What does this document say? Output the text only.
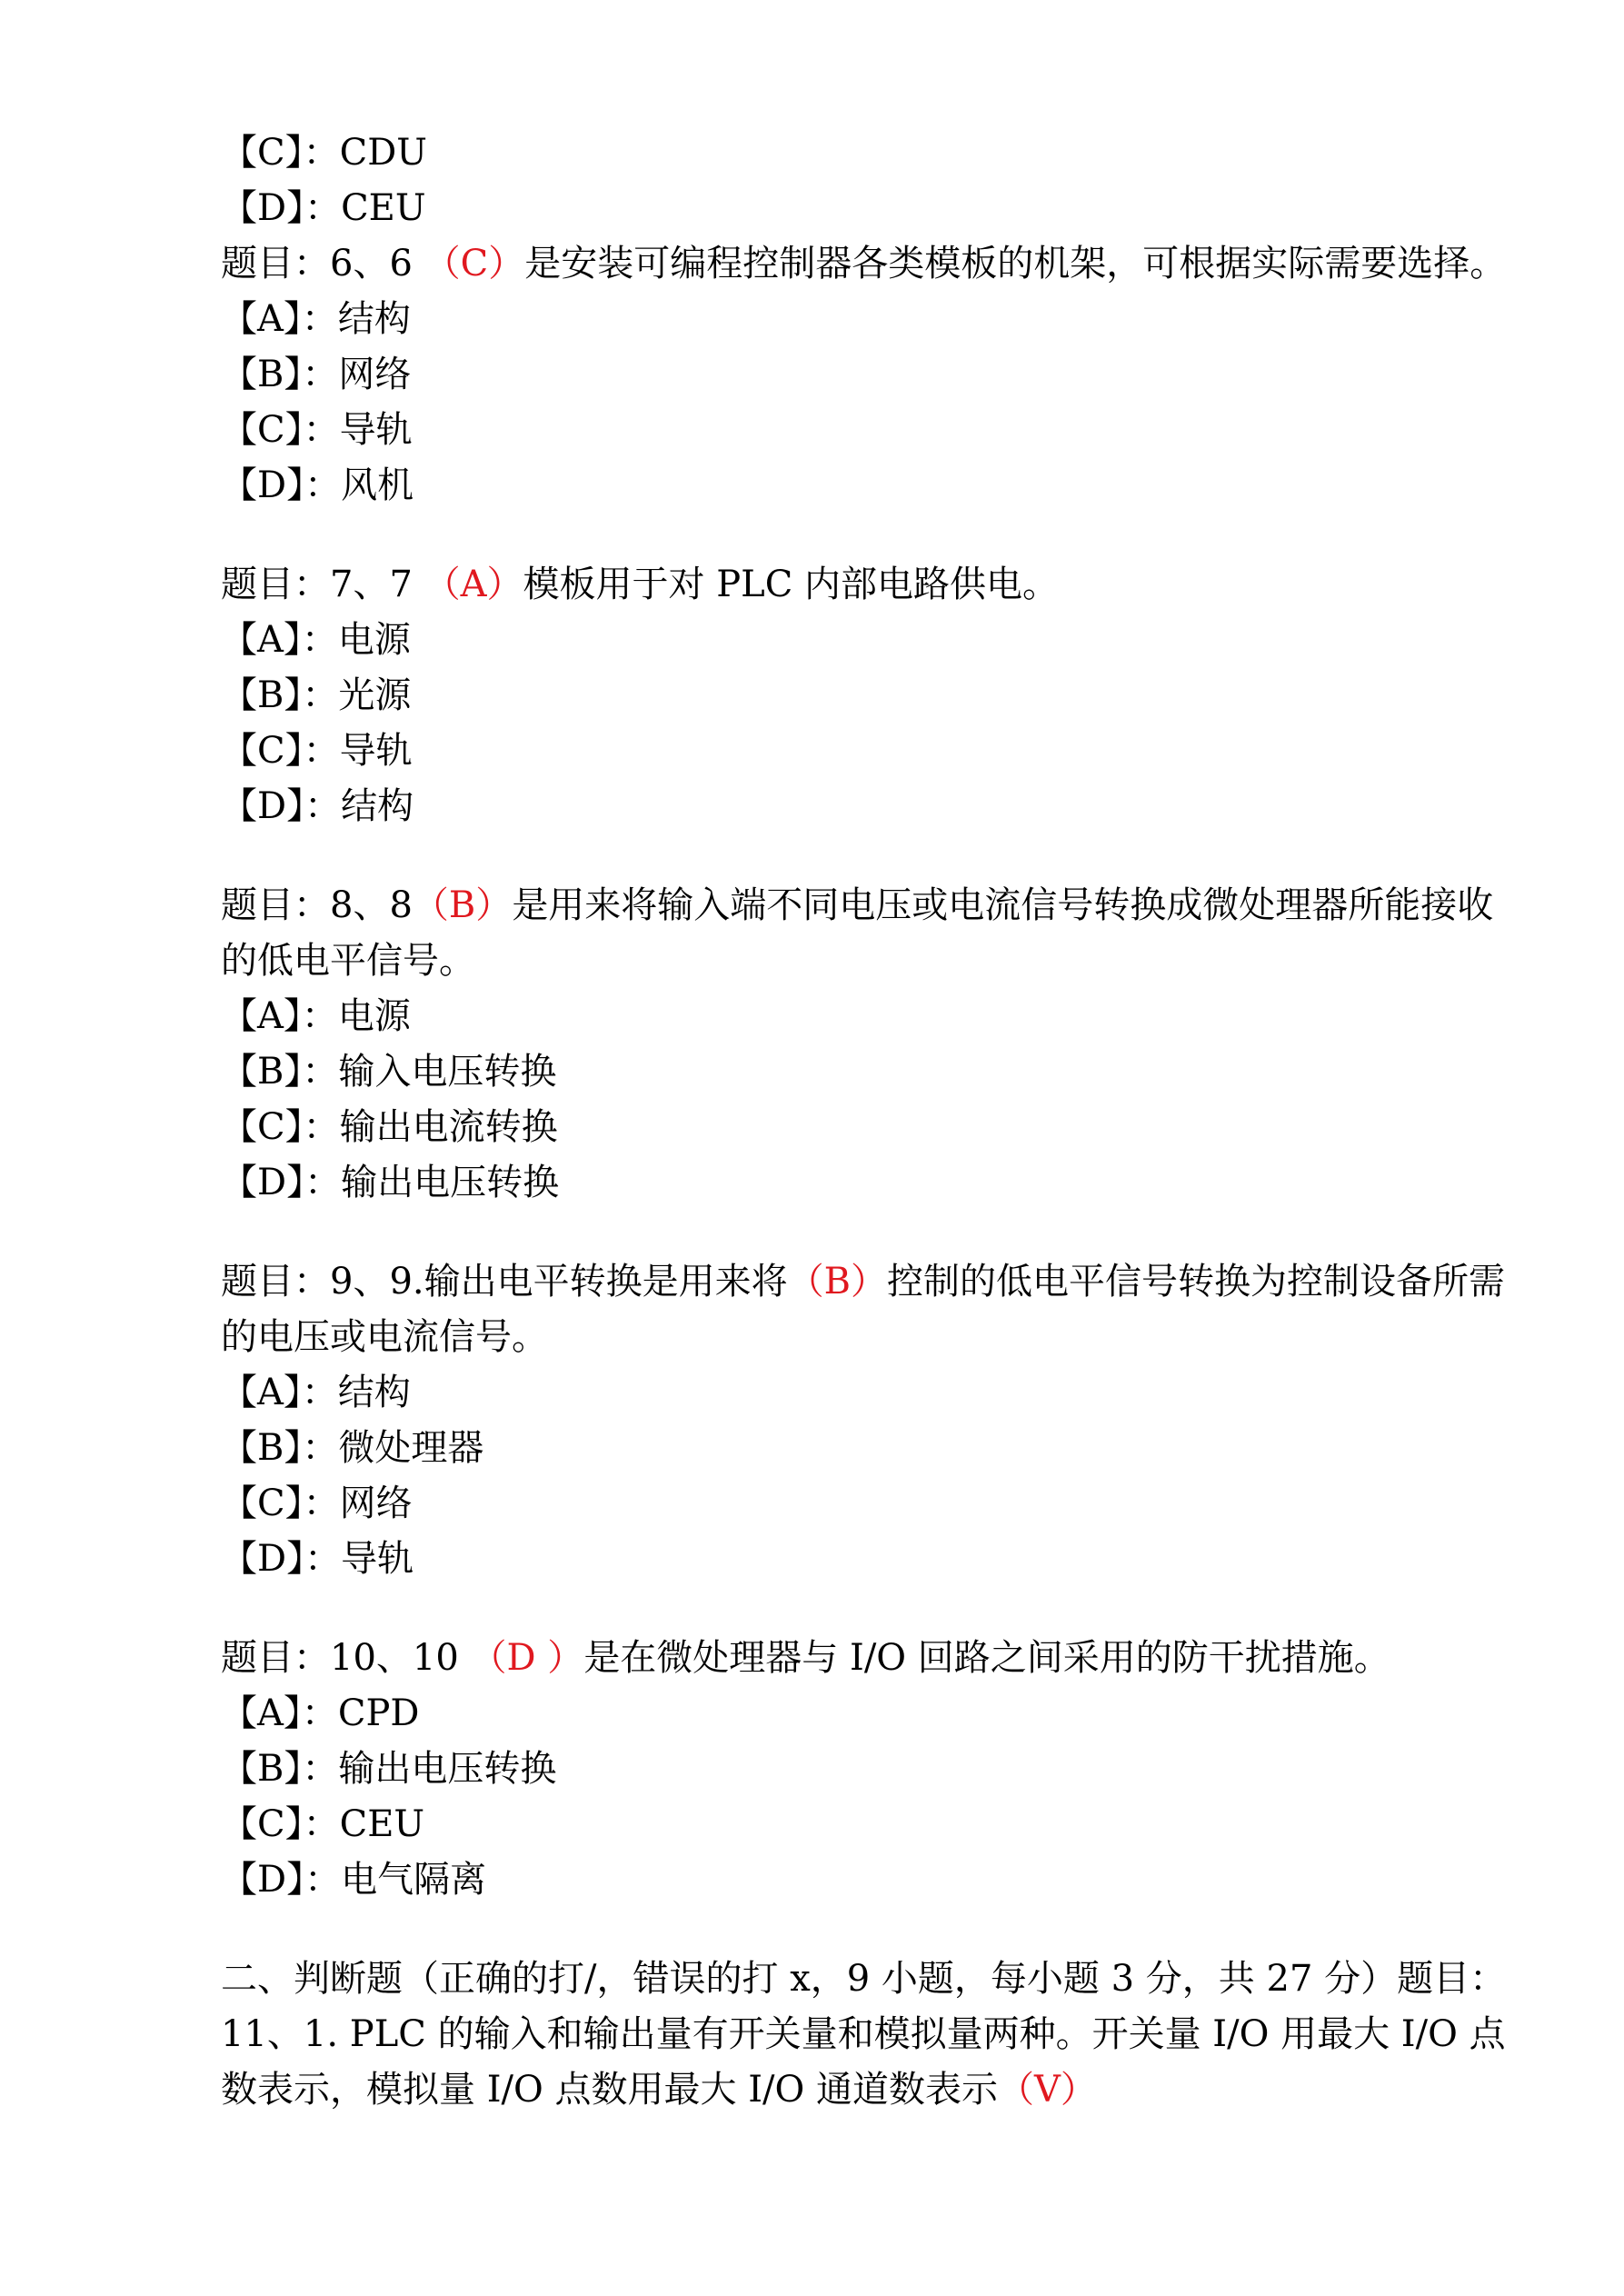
【C】：CDU
【D】：CEU
题目：6、6 （C）是安装可编程控制器各类模板的机架，可根据实际需要选择。
【A】：结构
【B】：网络
【C】：导轨
【D】：风机
题目：7、7 （A）模板用于对 PLC 内部电路供电。
【A】：电源
【B】：光源
【C】：导轨
【D】：结构
题目：8、8（B）是用来将输入端不同电压或电流信号转换成微处理器所能接收
的低电平信号。
【A】：电源
【B】：输入电压转换
【C】：输出电流转换
【D】：输出电压转换
题目：9、9.输出电平转换是用来将（B）控制的低电平信号转换为控制设备所需
的电压或电流信号。
【A】：结构
【B】：微处理器
【C】：网络
【D】：导轨
题目：10、10 （D ）是在微处理器与 I/O 回路之间采用的防干扰措施。
【A】：CPD
【B】：输出电压转换
【C】：CEU
【D】：电气隔离
二、判断题（正确的打/，错误的打 x，9 小题，每小题 3 分，共 27 分）题目：
11、1. PLC 的输入和输出量有开关量和模拟量两种。开关量 I/O 用最大 I/O 点
数表示，模拟量 I/O 点数用最大 I/O 通道数表示（V）
